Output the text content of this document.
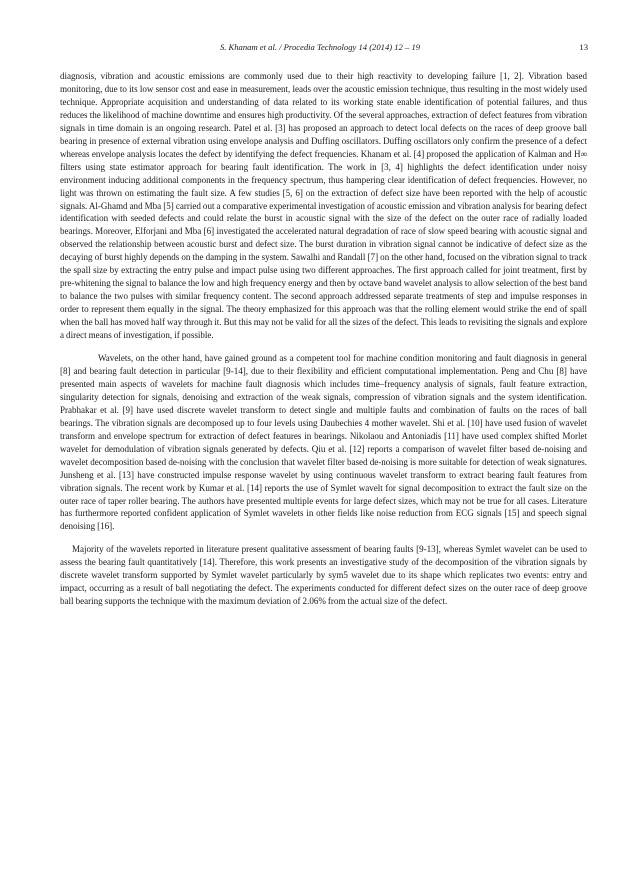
S. Khanam et al. / Procedia Technology 14 (2014) 12 – 19	13

diagnosis, vibration and acoustic emissions are commonly used due to their high reactivity to developing failure [1, 2]. Vibration based monitoring, due to its low sensor cost and ease in measurement, leads over the acoustic emission technique, thus resulting in the most widely used technique. Appropriate acquisition and understanding of data related to its working state enable identification of potential failures, and thus reduces the likelihood of machine downtime and ensures high productivity. Of the several approaches, extraction of defect features from vibration signals in time domain is an ongoing research. Patel et al. [3] has proposed an approach to detect local defects on the races of deep groove ball bearing in presence of external vibration using envelope analysis and Duffing oscillators. Duffing oscillators only confirm the presence of a defect whereas envelope analysis locates the defect by identifying the defect frequencies. Khanam et al. [4] proposed the application of Kalman and H∞ filters using state estimator approach for bearing fault identification. The work in [3, 4] highlights the defect identification under noisy environment inducing additional components in the frequency spectrum, thus hampering clear identification of defect frequencies. However, no light was thrown on estimating the fault size. A few studies [5, 6] on the extraction of defect size have been reported with the help of acoustic signals. Al-Ghamd and Mba [5] carried out a comparative experimental investigation of acoustic emission and vibration analysis for bearing defect identification with seeded defects and could relate the burst in acoustic signal with the size of the defect on the outer race of radially loaded bearings. Moreover, Elforjani and Mba [6] investigated the accelerated natural degradation of race of slow speed bearing with acoustic signal and observed the relationship between acoustic burst and defect size. The burst duration in vibration signal cannot be indicative of defect size as the decaying of burst highly depends on the damping in the system. Sawalhi and Randall [7] on the other hand, focused on the vibration signal to track the spall size by extracting the entry pulse and impact pulse using two different approaches. The first approach called for joint treatment, first by pre-whitening the signal to balance the low and high frequency energy and then by octave band wavelet analysis to allow selection of the best band to balance the two pulses with similar frequency content. The second approach addressed separate treatments of step and impulse responses in order to represent them equally in the signal. The theory emphasized for this approach was that the rolling element would strike the end of spall when the ball has moved half way through it. But this may not be valid for all the sizes of the defect. This leads to revisiting the signals and explore a direct means of investigation, if possible.

Wavelets, on the other hand, have gained ground as a competent tool for machine condition monitoring and fault diagnosis in general [8] and bearing fault detection in particular [9-14], due to their flexibility and efficient computational implementation. Peng and Chu [8] have presented main aspects of wavelets for machine fault diagnosis which includes time–frequency analysis of signals, fault feature extraction, singularity detection for signals, denoising and extraction of the weak signals, compression of vibration signals and the system identification. Prabhakar et al. [9] have used discrete wavelet transform to detect single and multiple faults and combination of faults on the races of ball bearings. The vibration signals are decomposed up to four levels using Daubechies 4 mother wavelet. Shi et al. [10] have used fusion of wavelet transform and envelope spectrum for extraction of defect features in bearings. Nikolaou and Antoniadis [11] have used complex shifted Morlet wavelet for demodulation of vibration signals generated by defects. Qiu et al. [12] reports a comparison of wavelet filter based de-noising and wavelet decomposition based de-noising with the conclusion that wavelet filter based de-noising is more suitable for detection of weak signatures. Junsheng et al. [13] have constructed impulse response wavelet by using continuous wavelet transform to extract bearing fault features from vibration signals. The recent work by Kumar et al. [14] reports the use of Symlet wavelt for signal decomposition to extract the fault size on the outer race of taper roller bearing. The authors have presented multiple events for large defect sizes, which may not be true for all cases. Literature has furthermore reported confident application of Symlet wavelets in other fields like noise reduction from ECG signals [15] and speech signal denoising [16].

Majority of the wavelets reported in literature present qualitative assessment of bearing faults [9-13], whereas Symlet wavelet can be used to assess the bearing fault quantitatively [14]. Therefore, this work presents an investigative study of the decomposition of the vibration signals by discrete wavelet transform supported by Symlet wavelet particularly by sym5 wavelet due to its shape which replicates two events: entry and impact, occurring as a result of ball negotiating the defect. The experiments conducted for different defect sizes on the outer race of deep groove ball bearing supports the technique with the maximum deviation of 2.06% from the actual size of the defect.
